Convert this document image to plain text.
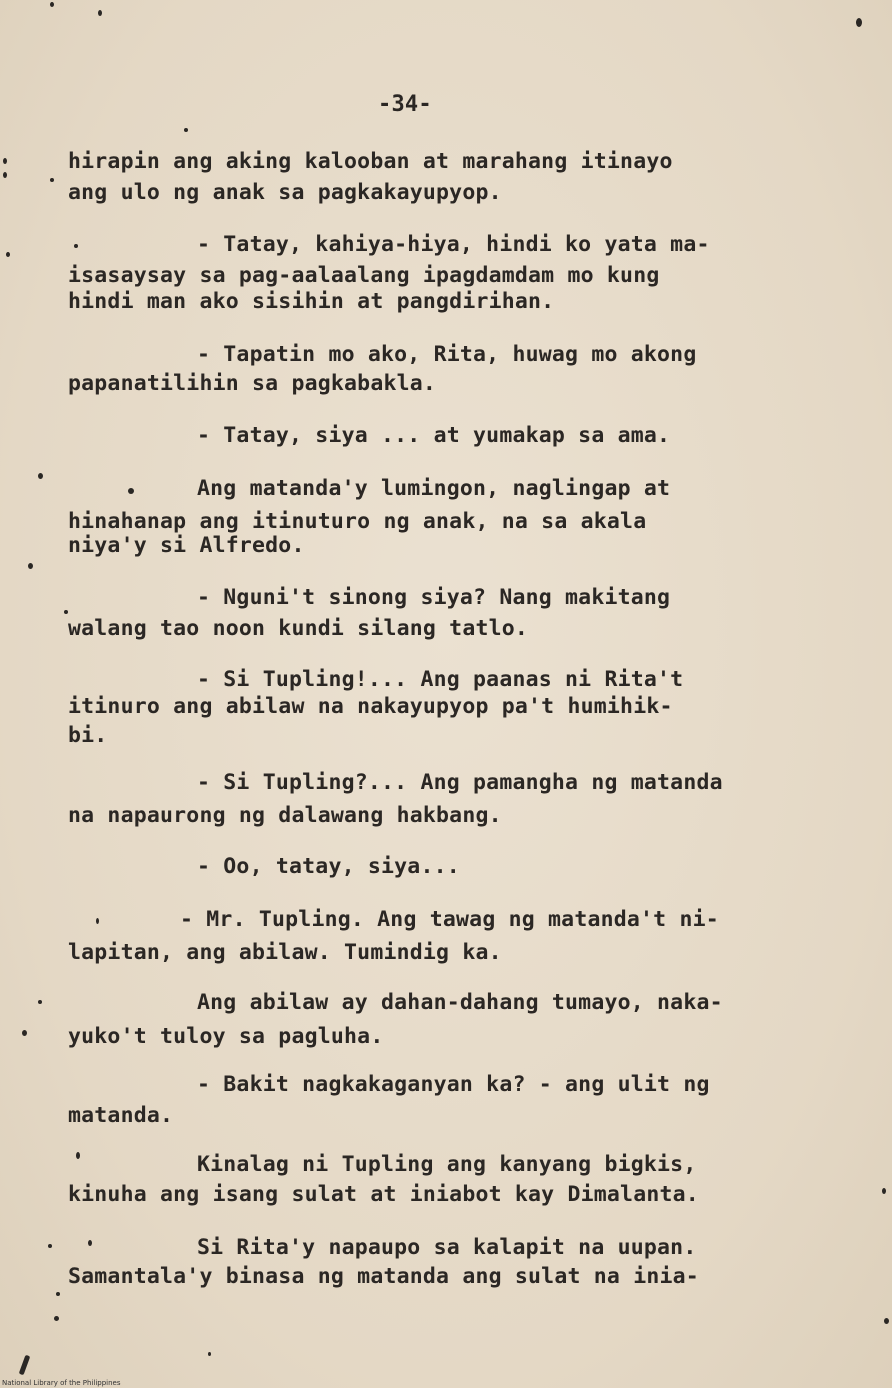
-34-
hirapin ang aking kalooban at marahang itinayo
ang ulo ng anak sa pagkakayupyop.
- Tatay, kahiya-hiya, hindi ko yata ma-
isasaysay sa pag-aalaalang ipagdamdam mo kung
hindi man ako sisihin at pangdirihan.
- Tapatin mo ako, Rita, huwag mo akong
papanatilihin sa pagkabakla.
- Tatay, siya ... at yumakap sa ama.
Ang matanda'y lumingon, naglingap at
hinahanap ang itinuturo ng anak, na sa akala
niya'y si Alfredo.
- Nguni't sinong siya? Nang makitang
walang tao noon kundi silang tatlo.
- Si Tupling!... Ang paanas ni Rita't
itinuro ang abilaw na nakayupyop pa't humihik-
bi.
- Si Tupling?... Ang pamangha ng matanda
na napaurong ng dalawang hakbang.
- Oo, tatay, siya...
- Mr. Tupling. Ang tawag ng matanda't ni-
lapitan, ang abilaw. Tumindig ka.
Ang abilaw ay dahan-dahang tumayo, naka-
yuko't tuloy sa pagluha.
- Bakit nagkakaganyan ka? - ang ulit ng
matanda.
Kinalag ni Tupling ang kanyang bigkis,
kinuha ang isang sulat at iniabot kay Dimalanta.
Si Rita'y napaupo sa kalapit na uupan.
Samantala'y binasa ng matanda ang sulat na inia-
National Library of the Philippines
